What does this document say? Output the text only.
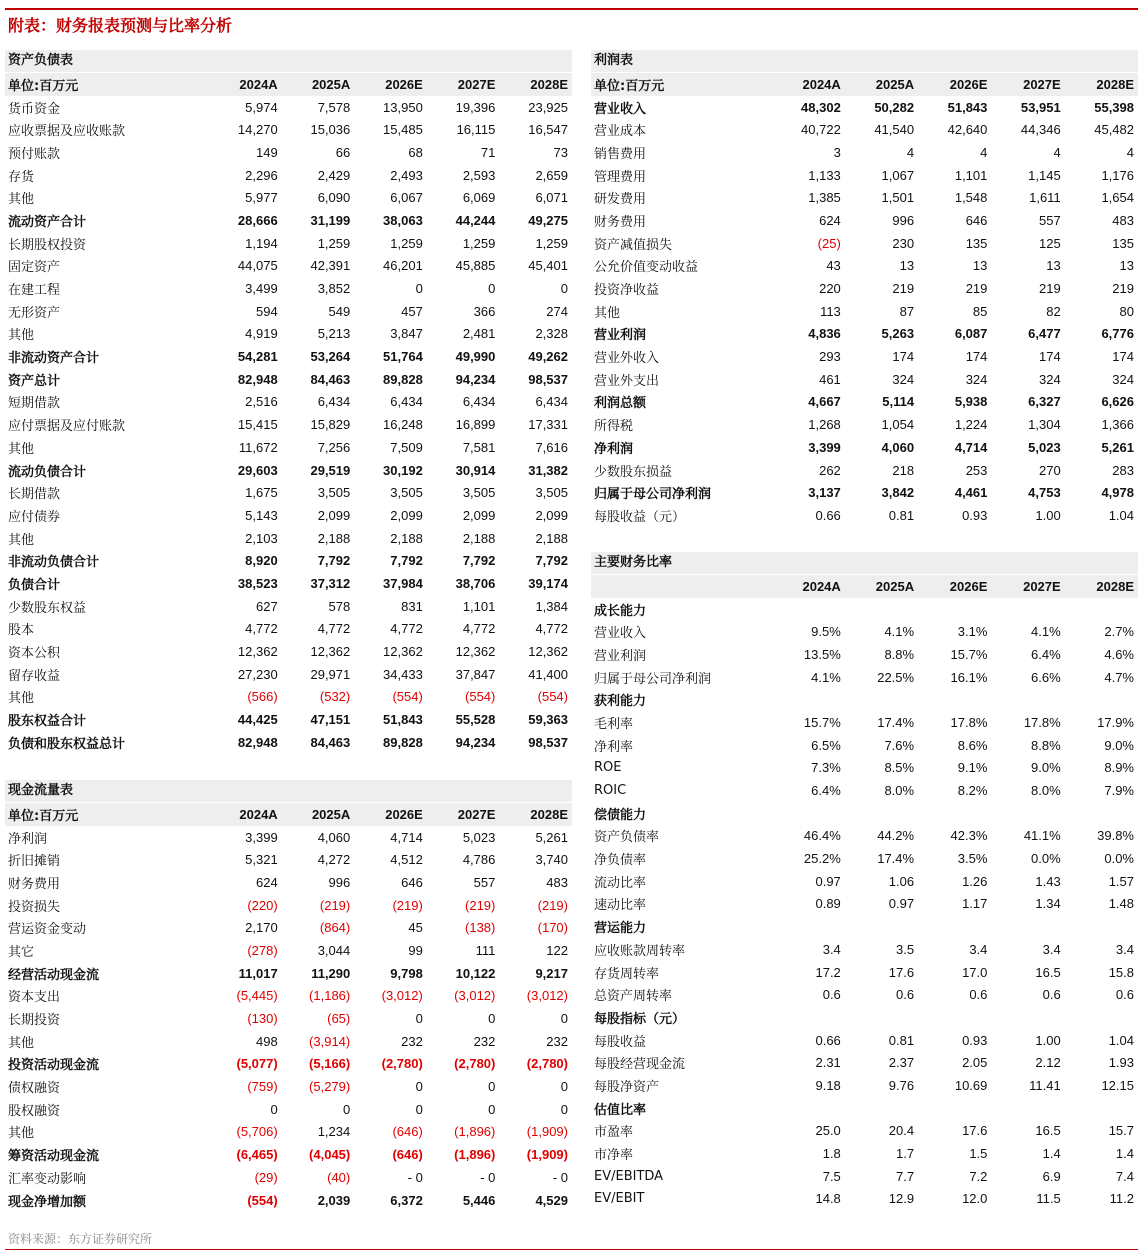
附表：财务报表预测与比率分析
资产负债表
单位:百万元	2024A	2025A	2026E	2027E	2028E
货币资金	5,974	7,578	13,950	19,396	23,925
应收票据及应收账款	14,270	15,036	15,485	16,115	16,547
预付账款	149	66	68	71	73
存货	2,296	2,429	2,493	2,593	2,659
其他	5,977	6,090	6,067	6,069	6,071
流动资产合计	28,666	31,199	38,063	44,244	49,275
长期股权投资	1,194	1,259	1,259	1,259	1,259
固定资产	44,075	42,391	46,201	45,885	45,401
在建工程	3,499	3,852	0	0	0
无形资产	594	549	457	366	274
其他	4,919	5,213	3,847	2,481	2,328
非流动资产合计	54,281	53,264	51,764	49,990	49,262
资产总计	82,948	84,463	89,828	94,234	98,537
短期借款	2,516	6,434	6,434	6,434	6,434
应付票据及应付账款	15,415	15,829	16,248	16,899	17,331
其他	11,672	7,256	7,509	7,581	7,616
流动负债合计	29,603	29,519	30,192	30,914	31,382
长期借款	1,675	3,505	3,505	3,505	3,505
应付债券	5,143	2,099	2,099	2,099	2,099
其他	2,103	2,188	2,188	2,188	2,188
非流动负债合计	8,920	7,792	7,792	7,792	7,792
负债合计	38,523	37,312	37,984	38,706	39,174
少数股东权益	627	578	831	1,101	1,384
股本	4,772	4,772	4,772	4,772	4,772
资本公积	12,362	12,362	12,362	12,362	12,362
留存收益	27,230	29,971	34,433	37,847	41,400
其他	(566)	(532)	(554)	(554)	(554)
股东权益合计	44,425	47,151	51,843	55,528	59,363
负债和股东权益总计	82,948	84,463	89,828	94,234	98,537
现金流量表
单位:百万元	2024A	2025A	2026E	2027E	2028E
净利润	3,399	4,060	4,714	5,023	5,261
折旧摊销	5,321	4,272	4,512	4,786	3,740
财务费用	624	996	646	557	483
投资损失	(220)	(219)	(219)	(219)	(219)
营运资金变动	2,170	(864)	45	(138)	(170)
其它	(278)	3,044	99	111	122
经营活动现金流	11,017	11,290	9,798	10,122	9,217
资本支出	(5,445)	(1,186)	(3,012)	(3,012)	(3,012)
长期投资	(130)	(65)	0	0	0
其他	498	(3,914)	232	232	232
投资活动现金流	(5,077)	(5,166)	(2,780)	(2,780)	(2,780)
债权融资	(759)	(5,279)	0	0	0
股权融资	0	0	0	0	0
其他	(5,706)	1,234	(646)	(1,896)	(1,909)
筹资活动现金流	(6,465)	(4,045)	(646)	(1,896)	(1,909)
汇率变动影响	(29)	(40)	- 0	- 0	- 0
现金净增加额	(554)	2,039	6,372	5,446	4,529
利润表
单位:百万元	2024A	2025A	2026E	2027E	2028E
营业收入	48,302	50,282	51,843	53,951	55,398
营业成本	40,722	41,540	42,640	44,346	45,482
销售费用	3	4	4	4	4
管理费用	1,133	1,067	1,101	1,145	1,176
研发费用	1,385	1,501	1,548	1,611	1,654
财务费用	624	996	646	557	483
资产减值损失	(25)	230	135	125	135
公允价值变动收益	43	13	13	13	13
投资净收益	220	219	219	219	219
其他	113	87	85	82	80
营业利润	4,836	5,263	6,087	6,477	6,776
营业外收入	293	174	174	174	174
营业外支出	461	324	324	324	324
利润总额	4,667	5,114	5,938	6,327	6,626
所得税	1,268	1,054	1,224	1,304	1,366
净利润	3,399	4,060	4,714	5,023	5,261
少数股东损益	262	218	253	270	283
归属于母公司净利润	3,137	3,842	4,461	4,753	4,978
每股收益（元）	0.66	0.81	0.93	1.00	1.04
主要财务比率
	2024A	2025A	2026E	2027E	2028E
成长能力					
营业收入	9.5%	4.1%	3.1%	4.1%	2.7%
营业利润	13.5%	8.8%	15.7%	6.4%	4.6%
归属于母公司净利润	4.1%	22.5%	16.1%	6.6%	4.7%
获利能力					
毛利率	15.7%	17.4%	17.8%	17.8%	17.9%
净利率	6.5%	7.6%	8.6%	8.8%	9.0%
ROE	7.3%	8.5%	9.1%	9.0%	8.9%
ROIC	6.4%	8.0%	8.2%	8.0%	7.9%
偿债能力					
资产负债率	46.4%	44.2%	42.3%	41.1%	39.8%
净负债率	25.2%	17.4%	3.5%	0.0%	0.0%
流动比率	0.97	1.06	1.26	1.43	1.57
速动比率	0.89	0.97	1.17	1.34	1.48
营运能力					
应收账款周转率	3.4	3.5	3.4	3.4	3.4
存货周转率	17.2	17.6	17.0	16.5	15.8
总资产周转率	0.6	0.6	0.6	0.6	0.6
每股指标（元）					
每股收益	0.66	0.81	0.93	1.00	1.04
每股经营现金流	2.31	2.37	2.05	2.12	1.93
每股净资产	9.18	9.76	10.69	11.41	12.15
估值比率					
市盈率	25.0	20.4	17.6	16.5	15.7
市净率	1.8	1.7	1.5	1.4	1.4
EV/EBITDA	7.5	7.7	7.2	6.9	7.4
EV/EBIT	14.8	12.9	12.0	11.5	11.2
资料来源：东方证券研究所
